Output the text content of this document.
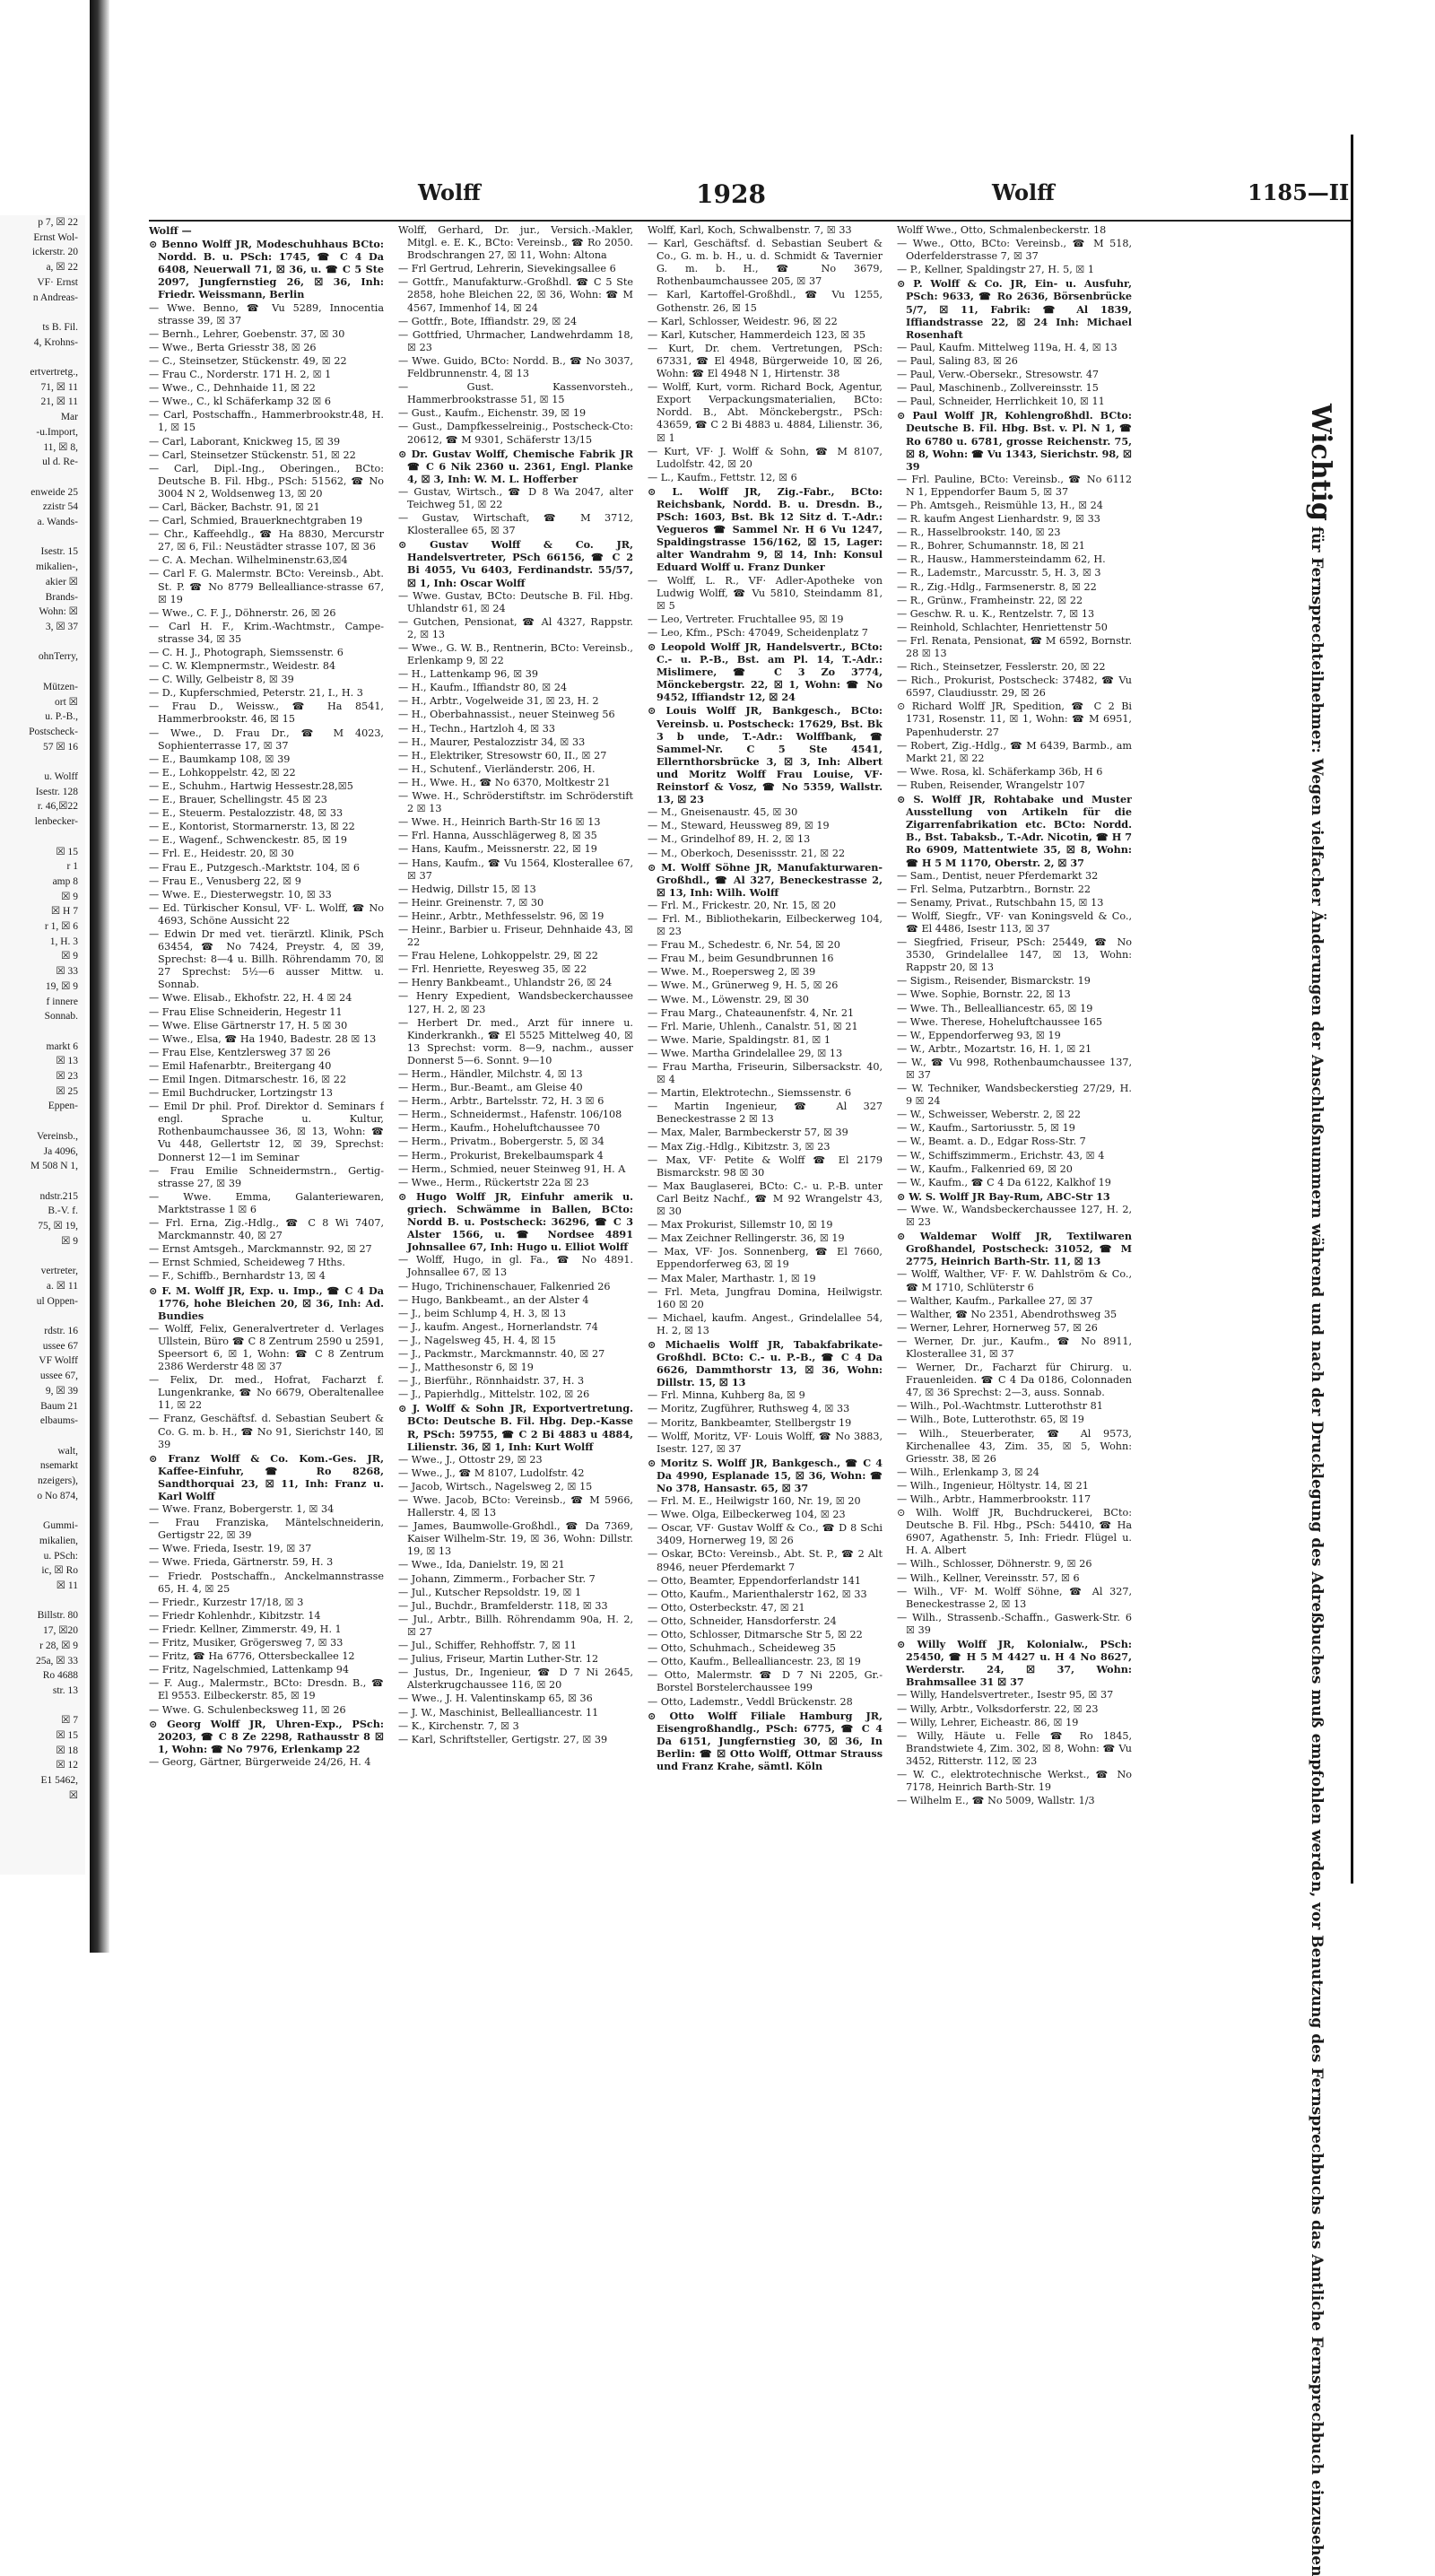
p 7, ☒ 22
Ernst Wol-
ickerstr. 20
a, ☒ 22
VF· Ernst
n Andreas-

ts B. Fil.
4, Krohns-

ertvertretg.,
71, ☒ 11
21, ☒ 11
Mar
-u.Import,
11, ☒ 8,
ul d. Re-

enweide 25
zzistr 54
a. Wands-

Isestr. 15
mikalien-,
akier ☒
Brands-
Wohn: ☒
3, ☒ 37

ohnTerry,

Mützen-
ort ☒
u. P.-B.,
Postscheck-
57 ☒ 16

u. Wolff
Isestr. 128
r. 46,☒22
lenbecker-

☒ 15
r 1
amp 8
☒ 9
☒ H 7
r 1, ☒ 6
1, H. 3
☒ 9
☒ 33
19, ☒ 9
f innere
Sonnab.

markt 6
☒ 13
☒ 23
☒ 25
Eppen-

Vereinsb.,
Ja 4096,
M 508 N 1,

ndstr.215
B.-V. f.
75, ☒ 19,
☒ 9

vertreter,
a. ☒ 11
ul Oppen-

rdstr. 16
ussee 67
VF Wolff
ussee 67,
9, ☒ 39
Baum 21
elbaums-

walt,
nsemarkt
nzeigers),
o No 874,

Gummi-
mikalien,
u. PSch:
ic, ☒ Ro
☒ 11

Billstr. 80
17, ☒20
r 28, ☒ 9
25a, ☒ 33
Ro 4688
str. 13

☒ 7
☒ 15
☒ 18
☒ 12
E1 5462,
☒
Wolff	1928	Wolff	1185—II
Wolff —
⊙ Benno Wolff JR, Modeschuhhaus BCto: Nordd. B. u. PSch: 1745, ☎ C 4 Da 6408, Neuerwall 71, ☒ 36, u. ☎ C 5 Ste 2097, Jungfernstieg 26, ☒ 36, Inh: Friedr. Weissmann, Berlin
— Wwe. Benno, ☎ Vu 5289, Innocentia strasse 39, ☒ 37
— Bernh., Lehrer, Goebenstr. 37, ☒ 30
— Wwe., Berta Griesstr 38, ☒ 26
— C., Steinsetzer, Stückenstr. 49, ☒ 22
— Frau C., Norderstr. 171 H. 2, ☒ 1
— Wwe., C., Dehnhaide 11, ☒ 22
— Wwe., C., kl Schäferkamp 32 ☒ 6
— Carl, Postschaffn., Hammerbrookstr.48, H. 1, ☒ 15
— Carl, Laborant, Knickweg 15, ☒ 39
— Carl, Steinsetzer Stückenstr. 51, ☒ 22
— Carl, Dipl.-Ing., Oberingen., BCto: Deutsche B. Fil. Hbg., PSch: 51562, ☎ No 3004 N 2, Woldsenweg 13, ☒ 20
— Carl, Bäcker, Bachstr. 91, ☒ 21
— Carl, Schmied, Brauerknechtgraben 19
— Chr., Kaffeehdlg., ☎ Ha 8830, Mercurstr 27, ☒ 6, Fil.: Neustädter strasse 107, ☒ 36
— C. A. Mechan. Wilhelminenstr.63,☒4
— Carl F. G. Malermstr. BCto: Vereinsb., Abt. St. P. ☎ No 8779 Bellealliance-strasse 67, ☒ 19
— Wwe., C. F. J., Döhnerstr. 26, ☒ 26
— Carl H. F., Krim.-Wachtmstr., Campe-strasse 34, ☒ 35
— C. H. J., Photograph, Siemssenstr. 6
— C. W. Klempnermstr., Weidestr. 84
— C. Willy, Gelbeistr 8, ☒ 39
— D., Kupferschmied, Peterstr. 21, I., H. 3
— Frau D., Weissw., ☎ Ha 8541, Hammerbrookstr. 46, ☒ 15
— Wwe., D. Frau Dr., ☎ M 4023, Sophienterrasse 17, ☒ 37
— E., Baumkamp 108, ☒ 39
— E., Lohkoppelstr. 42, ☒ 22
— E., Schuhm., Hartwig Hessestr.28,☒5
— E., Brauer, Schellingstr. 45 ☒ 23
— E., Steuerm. Pestalozzistr. 48, ☒ 33
— E., Kontorist, Stormarnerstr. 13, ☒ 22
— E., Wagenf., Schwenckestr. 85, ☒ 19
— Frl. E., Heidestr. 20, ☒ 30
— Frau E., Putzgesch.-Marktstr. 104, ☒ 6
— Frau E., Venusberg 22, ☒ 9
— Wwe. E., Diesterwegstr. 10, ☒ 33
— Ed. Türkischer Konsul, VF· L. Wolff, ☎ No 4693, Schöne Aussicht 22
— Edwin Dr med vet. tierärztl. Klinik, PSch 63454, ☎ No 7424, Preystr. 4, ☒ 39, Sprechst: 8—4 u. Billh. Röhrendamm 70, ☒ 27 Sprechst: 5½—6 ausser Mittw. u. Sonnab.
— Wwe. Elisab., Ekhofstr. 22, H. 4 ☒ 24
— Frau Elise Schneiderin, Hegestr 11
— Wwe. Elise Gärtnerstr 17, H. 5 ☒ 30
— Wwe., Elsa, ☎ Ha 1940, Badestr. 28 ☒ 13
— Frau Else, Kentzlersweg 37 ☒ 26
— Emil Hafenarbtr., Breitergang 40
— Emil Ingen. Ditmarschestr. 16, ☒ 22
— Emil Buchdrucker, Lortzingstr 13
— Emil Dr phil. Prof. Direktor d. Seminars f engl. Sprache u. Kultur, Rothenbaumchaussee 36, ☒ 13, Wohn: ☎ Vu 448, Gellertstr 12, ☒ 39, Sprechst: Donnerst 12—1 im Seminar
— Frau Emilie Schneidermstrn., Gertig-strasse 27, ☒ 39
— Wwe. Emma, Galanteriewaren, Marktstrasse 1 ☒ 6
— Frl. Erna, Zig.-Hdlg., ☎ C 8 Wi 7407, Marckmannstr. 40, ☒ 27
— Ernst Amtsgeh., Marckmannstr. 92, ☒ 27
— Ernst Schmied, Scheideweg 7 Hths.
— F., Schiffb., Bernhardstr 13, ☒ 4
⊙ F. M. Wolff JR, Exp. u. Imp., ☎ C 4 Da 1776, hohe Bleichen 20, ☒ 36, Inh: Ad. Bundies
— Wolff, Felix, Generalvertreter d. Verlages Ullstein, Büro ☎ C 8 Zentrum 2590 u 2591, Speersort 6, ☒ 1, Wohn: ☎ C 8 Zentrum 2386 Werderstr 48 ☒ 37
— Felix, Dr. med., Hofrat, Facharzt f. Lungenkranke, ☎ No 6679, Oberaltenallee 11, ☒ 22
— Franz, Geschäftsf. d. Sebastian Seubert & Co. G. m. b. H., ☎ No 91, Sierichstr 140, ☒ 39
⊙ Franz Wolff & Co. Kom.-Ges. JR, Kaffee-Einfuhr, ☎ Ro 8268, Sandthorquai 23, ☒ 11, Inh: Franz u. Karl Wolff
— Wwe. Franz, Bobergerstr. 1, ☒ 34
— Frau Franziska, Mäntelschneiderin, Gertigstr 22, ☒ 39
— Wwe. Frieda, Isestr. 19, ☒ 37
— Wwe. Frieda, Gärtnerstr. 59, H. 3
— Friedr. Postschaffn., Anckelmannstrasse 65, H. 4, ☒ 25
— Friedr., Kurzestr 17/18, ☒ 3
— Friedr Kohlenhdr., Kibitzstr. 14
— Friedr. Kellner, Zimmerstr. 49, H. 1
— Fritz, Musiker, Grögersweg 7, ☒ 33
— Fritz, ☎ Ha 6776, Ottersbeckallee 12
— Fritz, Nagelschmied, Lattenkamp 94
— F. Aug., Malermstr., BCto: Dresdn. B., ☎ El 9553. Eilbeckerstr. 85, ☒ 19
— Wwe. G. Schulenbecksweg 11, ☒ 26
⊙ Georg Wolff JR, Uhren-Exp., PSch: 20203, ☎ C 8 Ze 2298, Rathausstr 8 ☒ 1, Wohn: ☎ No 7976, Erlenkamp 22
— Georg, Gärtner, Bürgerweide 24/26, H. 4
Wolff, Gerhard, Dr. jur., Versich.-Makler, Mitgl. e. E. K., BCto: Vereinsb., ☎ Ro 2050. Brodschrangen 27, ☒ 11, Wohn: Altona
— Frl Gertrud, Lehrerin, Sievekingsallee 6
— Gottfr., Manufakturw.-Großhdl. ☎ C 5 Ste 2858, hohe Bleichen 22, ☒ 36, Wohn: ☎ M 4567, Immenhof 14, ☒ 24
— Gottfr., Bote, Iffiandstr. 29, ☒ 24
— Gottfried, Uhrmacher, Landwehrdamm 18, ☒ 23
— Wwe. Guido, BCto: Nordd. B., ☎ No 3037, Feldbrunnenstr. 4, ☒ 13
— Gust. Kassenvorsteh., Hammerbrookstrasse 51, ☒ 15
— Gust., Kaufm., Eichenstr. 39, ☒ 19
— Gust., Dampfkesselreinig., Postscheck-Cto: 20612, ☎ M 9301, Schäferstr 13/15
⊙ Dr. Gustav Wolff, Chemische Fabrik JR ☎ C 6 Nik 2360 u. 2361, Engl. Planke 4, ☒ 3, Inh: W. M. L. Hofferber
— Gustav, Wirtsch., ☎ D 8 Wa 2047, alter Teichweg 51, ☒ 22
— Gustav, Wirtschaft, ☎ M 3712, Klosterallee 65, ☒ 37
⊙ Gustav Wolff & Co. JR, Handelsvertreter, PSch 66156, ☎ C 2 Bi 4055, Vu 6403, Ferdinandstr. 55/57, ☒ 1, Inh: Oscar Wolff
— Wwe. Gustav, BCto: Deutsche B. Fil. Hbg. Uhlandstr 61, ☒ 24
— Gutchen, Pensionat, ☎ Al 4327, Rappstr. 2, ☒ 13
— Wwe., G. W. B., Rentnerin, BCto: Vereinsb., Erlenkamp 9, ☒ 22
— H., Lattenkamp 96, ☒ 39
— H., Kaufm., Iffiandstr 80, ☒ 24
— H., Arbtr., Vogelweide 31, ☒ 23, H. 2
— H., Oberbahnassist., neuer Steinweg 56
— H., Techn., Hartzloh 4, ☒ 33
— H., Maurer, Pestalozzistr 34, ☒ 33
— H., Elektriker, Stresowstr 60, II., ☒ 27
— H., Schutenf., Vierländerstr. 206, H.
— H., Wwe. H., ☎ No 6370, Moltkestr 21
— Wwe. H., Schröderstiftstr. im Schröderstift 2 ☒ 13
— Wwe. H., Heinrich Barth-Str 16 ☒ 13
— Frl. Hanna, Ausschlägerweg 8, ☒ 35
— Hans, Kaufm., Meissnerstr. 22, ☒ 19
— Hans, Kaufm., ☎ Vu 1564, Klosterallee 67, ☒ 37
— Hedwig, Dillstr 15, ☒ 13
— Heinr. Greinenstr. 7, ☒ 30
— Heinr., Arbtr., Methfesselstr. 96, ☒ 19
— Heinr., Barbier u. Friseur, Dehnhaide 43, ☒ 22
— Frau Helene, Lohkoppelstr. 29, ☒ 22
— Frl. Henriette, Reyesweg 35, ☒ 22
— Henry Bankbeamt., Uhlandstr 26, ☒ 24
— Henry Expedient, Wandsbeckerchaussee 127, H. 2, ☒ 23
— Herbert Dr. med., Arzt für innere u. Kinderkrankh., ☎ El 5525 Mittelweg 40, ☒ 13 Sprechst: vorm. 8—9, nachm., ausser Donnerst 5—6. Sonnt. 9—10
— Herm., Händler, Milchstr. 4, ☒ 13
— Herm., Bur.-Beamt., am Gleise 40
— Herm., Arbtr., Bartelsstr. 72, H. 3 ☒ 6
— Herm., Schneidermst., Hafenstr. 106/108
— Herm., Kaufm., Hoheluftchaussee 70
— Herm., Privatm., Bobergerstr. 5, ☒ 34
— Herm., Prokurist, Brekelbaumspark 4
— Herm., Schmied, neuer Steinweg 91, H. A
— Wwe., Herm., Rückertstr 22a ☒ 23
⊙ Hugo Wolff JR, Einfuhr amerik u. griech. Schwämme in Ballen, BCto: Nordd B. u. Postscheck: 36296, ☎ C 3 Alster 1566, u. ☎ Nordsee 4891 Johnsallee 67, Inh: Hugo u. Elliot Wolff
— Wolff, Hugo, in gl. Fa., ☎ No 4891. Johnsallee 67, ☒ 13
— Hugo, Trichinenschauer, Falkenried 26
— Hugo, Bankbeamt., an der Alster 4
— J., beim Schlump 4, H. 3, ☒ 13
— J., kaufm. Angest., Hornerlandstr. 74
— J., Nagelsweg 45, H. 4, ☒ 15
— J., Packmstr., Marckmannstr. 40, ☒ 27
— J., Matthesonstr 6, ☒ 19
— J., Bierführ., Rönnhaidstr. 37, H. 3
— J., Papierhdlg., Mittelstr. 102, ☒ 26
⊙ J. Wolff & Sohn JR, Exportvertretung. BCto: Deutsche B. Fil. Hbg. Dep.-Kasse R, PSch: 59755, ☎ C 2 Bi 4883 u 4884, Lilienstr. 36, ☒ 1, Inh: Kurt Wolff
— Wwe., J., Ottostr 29, ☒ 23
— Wwe., J., ☎ M 8107, Ludolfstr. 42
— Jacob, Wirtsch., Nagelsweg 2, ☒ 15
— Wwe. Jacob, BCto: Vereinsb., ☎ M 5966, Hallerstr. 4, ☒ 13
— James, Baumwolle-Großhdl., ☎ Da 7369, Kaiser Wilhelm-Str. 19, ☒ 36, Wohn: Dillstr. 19, ☒ 13
— Wwe., Ida, Danielstr. 19, ☒ 21
— Johann, Zimmerm., Forbacher Str. 7
— Jul., Kutscher Repsoldstr. 19, ☒ 1
— Jul., Buchdr., Bramfelderstr. 118, ☒ 33
— Jul., Arbtr., Billh. Röhrendamm 90a, H. 2, ☒ 27
— Jul., Schiffer, Rehhoffstr. 7, ☒ 11
— Julius, Friseur, Martin Luther-Str. 12
— Justus, Dr., Ingenieur, ☎ D 7 Ni 2645, Alsterkrugchaussee 116, ☒ 20
— Wwe., J. H. Valentinskamp 65, ☒ 36
— J. W., Maschinist, Bellealliancestr. 11
— K., Kirchenstr. 7, ☒ 3
— Karl, Schriftsteller, Gertigstr. 27, ☒ 39
Wolff, Karl, Koch, Schwalbenstr. 7, ☒ 33
— Karl, Geschäftsf. d. Sebastian Seubert & Co., G. m. b. H., u. d. Schmidt & Tavernier G. m. b. H., ☎ No 3679, Rothenbaumchaussee 205, ☒ 37
— Karl, Kartoffel-Großhdl., ☎ Vu 1255, Gothenstr. 26, ☒ 15
— Karl, Schlosser, Weidestr. 96, ☒ 22
— Karl, Kutscher, Hammerdeich 123, ☒ 35
— Kurt, Dr. chem. Vertretungen, PSch: 67331, ☎ El 4948, Bürgerweide 10, ☒ 26, Wohn: ☎ El 4948 N 1, Hirtenstr. 38
— Wolff, Kurt, vorm. Richard Bock, Agentur, Export Verpackungsmaterialien, BCto: Nordd. B., Abt. Mönckebergstr., PSch: 43659, ☎ C 2 Bi 4883 u. 4884, Lilienstr. 36, ☒ 1
— Kurt, VF· J. Wolff & Sohn, ☎ M 8107, Ludolfstr. 42, ☒ 20
— L., Kaufm., Fettstr. 12, ☒ 6
⊙ L. Wolff JR, Zig.-Fabr., BCto: Reichsbank, Nordd. B. u. Dresdn. B., PSch: 1603, Bst. Bk 12 Sitz d. T.-Adr.: Vegueros ☎ Sammel Nr. H 6 Vu 1247, Spaldingstrasse 156/162, ☒ 15, Lager: alter Wandrahm 9, ☒ 14, Inh: Konsul Eduard Wolff u. Franz Dunker
— Wolff, L. R., VF· Adler-Apotheke von Ludwig Wolff, ☎ Vu 5810, Steindamm 81, ☒ 5
— Leo, Vertreter. Fruchtallee 95, ☒ 19
— Leo, Kfm., PSch: 47049, Scheidenplatz 7
⊙ Leopold Wolff JR, Handelsvertr., BCto: C.- u. P.-B., Bst. am Pl. 14, T.-Adr.: Mislimere, ☎ C 3 Zo 3774, Mönckebergstr. 22, ☒ 1, Wohn: ☎ No 9452, Iffiandstr 12, ☒ 24
⊙ Louis Wolff JR, Bankgesch., BCto: Vereinsb. u. Postscheck: 17629, Bst. Bk 3 b unde, T.-Adr.: Wolffbank, ☎ Sammel-Nr. C 5 Ste 4541, Ellernthorsbrücke 3, ☒ 3, Inh: Albert und Moritz Wolff Frau Louise, VF· Reinstorf & Vosz, ☎ No 5359, Wallstr. 13, ☒ 23
— M., Gneisenaustr. 45, ☒ 30
— M., Steward, Heussweg 89, ☒ 19
— M., Grindelhof 89, H. 2, ☒ 13
— M., Oberkoch, Desenissstr. 21, ☒ 22
⊙ M. Wolff Söhne JR, Manufakturwaren-Großhdl., ☎ Al 327, Beneckestrasse 2, ☒ 13, Inh: Wilh. Wolff
— Frl. M., Frickestr. 20, Nr. 15, ☒ 20
— Frl. M., Bibliothekarin, Eilbeckerweg 104, ☒ 23
— Frau M., Schedestr. 6, Nr. 54, ☒ 20
— Frau M., beim Gesundbrunnen 16
— Wwe. M., Roepersweg 2, ☒ 39
— Wwe. M., Grünerweg 9, H. 5, ☒ 26
— Wwe. M., Löwenstr. 29, ☒ 30
— Frau Marg., Chateaunenfstr. 4, Nr. 21
— Frl. Marie, Uhlenh., Canalstr. 51, ☒ 21
— Wwe. Marie, Spaldingstr. 81, ☒ 1
— Wwe. Martha Grindelallee 29, ☒ 13
— Frau Martha, Friseurin, Silbersackstr. 40, ☒ 4
— Martin, Elektrotechn., Siemssenstr. 6
— Martin Ingenieur, ☎ Al 327 Beneckestrasse 2 ☒ 13
— Max, Maler, Barmbeckerstr 57, ☒ 39
— Max Zig.-Hdlg., Kibitzstr. 3, ☒ 23
— Max, VF· Petite & Wolff ☎ El 2179 Bismarckstr. 98 ☒ 30
— Max Bauglaserei, BCto: C.- u. P.-B. unter Carl Beitz Nachf., ☎ M 92 Wrangelstr 43, ☒ 30
— Max Prokurist, Sillemstr 10, ☒ 19
— Max Zeichner Rellingerstr. 36, ☒ 19
— Max, VF· Jos. Sonnenberg, ☎ El 7660, Eppendorferweg 63, ☒ 19
— Max Maler, Marthastr. 1, ☒ 19
— Frl. Meta, Jungfrau Domina, Heilwigstr. 160 ☒ 20
— Michael, kaufm. Angest., Grindelallee 54, H. 2, ☒ 13
⊙ Michaelis Wolff JR, Tabakfabrikate-Großhdl. BCto: C.- u. P.-B., ☎ C 4 Da 6626, Dammthorstr 13, ☒ 36, Wohn: Dillstr. 15, ☒ 13
— Frl. Minna, Kuhberg 8a, ☒ 9
— Moritz, Zugführer, Ruthsweg 4, ☒ 33
— Moritz, Bankbeamter, Stellbergstr 19
— Wolff, Moritz, VF· Louis Wolff, ☎ No 3883, Isestr. 127, ☒ 37
⊙ Moritz S. Wolff JR, Bankgesch., ☎ C 4 Da 4990, Esplanade 15, ☒ 36, Wohn: ☎ No 378, Hansastr. 65, ☒ 37
— Frl. M. E., Heilwigstr 160, Nr. 19, ☒ 20
— Wwe. Olga, Eilbeckerweg 104, ☒ 23
— Oscar, VF· Gustav Wolff & Co., ☎ D 8 Schi 3409, Hornerweg 19, ☒ 26
— Oskar, BCto: Vereinsb., Abt. St. P., ☎ 2 Alt 8946, neuer Pferdemarkt 7
— Otto, Beamter, Eppendorferlandstr 141
— Otto, Kaufm., Marienthalerstr 162, ☒ 33
— Otto, Osterbeckstr. 47, ☒ 21
— Otto, Schneider, Hansdorferstr. 24
— Otto, Schlosser, Ditmarsche Str 5, ☒ 22
— Otto, Schuhmach., Scheideweg 35
— Otto, Kaufm., Bellealliancestr. 23, ☒ 19
— Otto, Malermstr. ☎ D 7 Ni 2205, Gr.-Borstel Borstelerchaussee 199
— Otto, Lademstr., Veddl Brückenstr. 28
⊙ Otto Wolff Filiale Hamburg JR, Eisengroßhandlg., PSch: 6775, ☎ C 4 Da 6151, Jungfernstieg 30, ☒ 36, In Berlin: ☎ ☒ Otto Wolff, Ottmar Strauss und Franz Krahe, sämtl. Köln
Wolff Wwe., Otto, Schmalenbeckerstr. 18
— Wwe., Otto, BCto: Vereinsb., ☎ M 518, Oderfelderstrasse 7, ☒ 37
— P., Kellner, Spaldingstr 27, H. 5, ☒ 1
⊙ P. Wolff & Co. JR, Ein- u. Ausfuhr, PSch: 9633, ☎ Ro 2636, Börsenbrücke 5/7, ☒ 11, Fabrik: ☎ Al 1839, Iffiandstrasse 22, ☒ 24 Inh: Michael Rosenhaft
— Paul, Kaufm. Mittelweg 119a, H. 4, ☒ 13
— Paul, Saling 83, ☒ 26
— Paul, Verw.-Obersekr., Stresowstr. 47
— Paul, Maschinenb., Zollvereinsstr. 15
— Paul, Schneider, Herrlichkeit 10, ☒ 11
⊙ Paul Wolff JR, Kohlengroßhdl. BCto: Deutsche B. Fil. Hbg. Bst. v. Pl. N 1, ☎ Ro 6780 u. 6781, grosse Reichenstr. 75, ☒ 8, Wohn: ☎ Vu 1343, Sierichstr. 98, ☒ 39
— Frl. Pauline, BCto: Vereinsb., ☎ No 6112 N 1, Eppendorfer Baum 5, ☒ 37
— Ph. Amtsgeh., Reismühle 13, H., ☒ 24
— R. kaufm Angest Lienhardstr. 9, ☒ 33
— R., Hasselbrookstr. 140, ☒ 23
— R., Bohrer, Schumannstr. 18, ☒ 21
— R., Hausw., Hammersteindamm 62, H.
— R., Lademstr., Marcusstr. 5, H. 3, ☒ 3
— R., Zig.-Hdlg., Farmsenerstr. 8, ☒ 22
— R., Grünw., Framheinstr. 22, ☒ 22
— Geschw. R. u. K., Rentzelstr. 7, ☒ 13
— Reinhold, Schlachter, Henriettenstr 50
— Frl. Renata, Pensionat, ☎ M 6592, Bornstr. 28 ☒ 13
— Rich., Steinsetzer, Fesslerstr. 20, ☒ 22
— Rich., Prokurist, Postscheck: 37482, ☎ Vu 6597, Claudiusstr. 29, ☒ 26
⊙ Richard Wolff JR, Spedition, ☎ C 2 Bi 1731, Rosenstr. 11, ☒ 1, Wohn: ☎ M 6951, Papenhuderstr. 27
— Robert, Zig.-Hdlg., ☎ M 6439, Barmb., am Markt 21, ☒ 22
— Wwe. Rosa, kl. Schäferkamp 36b, H 6
— Ruben, Reisender, Wrangelstr 107
⊙ S. Wolff JR, Rohtabake und Muster Ausstellung von Artikeln für die Zigarrenfabrikation etc. BCto: Nordd. B., Bst. Tabaksb., T.-Adr. Nicotin, ☎ H 7 Ro 6909, Mattentwiete 35, ☒ 8, Wohn: ☎ H 5 M 1170, Oberstr. 2, ☒ 37
— Sam., Dentist, neuer Pferdemarkt 32
— Frl. Selma, Putzarbtrn., Bornstr. 22
— Senamy, Privat., Rutschbahn 15, ☒ 13
— Wolff, Siegfr., VF· van Koningsveld & Co., ☎ El 4486, Isestr 113, ☒ 37
— Siegfried, Friseur, PSch: 25449, ☎ No 3530, Grindelallee 147, ☒ 13, Wohn: Rappstr 20, ☒ 13
— Sigism., Reisender, Bismarckstr. 19
— Wwe. Sophie, Bornstr. 22, ☒ 13
— Wwe. Th., Bellealliancestr. 65, ☒ 19
— Wwe. Therese, Hoheluftchaussee 165
— W., Eppendorferweg 93, ☒ 19
— W., Arbtr., Mozartstr. 16, H. 1, ☒ 21
— W., ☎ Vu 998, Rothenbaumchaussee 137, ☒ 37
— W. Techniker, Wandsbeckerstieg 27/29, H. 9 ☒ 24
— W., Schweisser, Weberstr. 2, ☒ 22
— W., Kaufm., Sartoriusstr. 5, ☒ 19
— W., Beamt. a. D., Edgar Ross-Str. 7
— W., Schiffszimmerm., Erichstr. 43, ☒ 4
— W., Kaufm., Falkenried 69, ☒ 20
— W., Kaufm., ☎ C 4 Da 6122, Kalkhof 19
⊙ W. S. Wolff JR Bay-Rum, ABC-Str 13
— Wwe. W., Wandsbeckerchaussee 127, H. 2, ☒ 23
⊙ Waldemar Wolff JR, Textilwaren Großhandel, Postscheck: 31052, ☎ M 2775, Heinrich Barth-Str. 11, ☒ 13
— Wolff, Walther, VF· F. W. Dahlström & Co., ☎ M 1710, Schlüterstr 6
— Walther, Kaufm., Parkallee 27, ☒ 37
— Walther, ☎ No 2351, Abendrothsweg 35
— Werner, Lehrer, Hornerweg 57, ☒ 26
— Werner, Dr. jur., Kaufm., ☎ No 8911, Klosterallee 31, ☒ 37
— Werner, Dr., Facharzt für Chirurg. u. Frauenleiden. ☎ C 4 Da 0186, Colonnaden 47, ☒ 36 Sprechst: 2—3, auss. Sonnab.
— Wilh., Pol.-Wachtmstr. Lutterothstr 81
— Wilh., Bote, Lutterothstr. 65, ☒ 19
— Wilh., Steuerberater, ☎ Al 9573, Kirchenallee 43, Zim. 35, ☒ 5, Wohn: Griesstr. 38, ☒ 26
— Wilh., Erlenkamp 3, ☒ 24
— Wilh., Ingenieur, Höltystr. 14, ☒ 21
— Wilh., Arbtr., Hammerbrookstr. 117
⊙ Wilh. Wolff JR, Buchdruckerei, BCto: Deutsche B. Fil. Hbg., PSch: 54410, ☎ Ha 6907, Agathenstr. 5, Inh: Friedr. Flügel u. H. A. Albert
— Wilh., Schlosser, Döhnerstr. 9, ☒ 26
— Wilh., Kellner, Vereinsstr. 57, ☒ 6
— Wilh., VF· M. Wolff Söhne, ☎ Al 327, Beneckestrasse 2, ☒ 13
— Wilh., Strassenb.-Schaffn., Gaswerk-Str. 6 ☒ 39
⊙ Willy Wolff JR, Kolonialw., PSch: 25450, ☎ H 5 M 4427 u. H 4 No 8627, Werderstr. 24, ☒ 37, Wohn: Brahmsallee 31 ☒ 37
— Willy, Handelsvertreter., Isestr 95, ☒ 37
— Willy, Arbtr., Volksdorferstr. 22, ☒ 23
— Willy, Lehrer, Eicheastr. 86, ☒ 19
— Willy, Häute u. Felle ☎ Ro 1845, Brandstwiete 4, Zim. 302, ☒ 8, Wohn: ☎ Vu 3452, Ritterstr. 112, ☒ 23
— W. C., elektrotechnische Werkst., ☎ No 7178, Heinrich Barth-Str. 19
— Wilhelm E., ☎ No 5009, Wallstr. 1/3
Wichtig für Fernsprechteilnehmer: Wegen vielfacher Änderungen der Anschlußnummern während und nach der Drucklegung des Adreßbuches muß empfohlen werden, vor Benutzung des Fernsprechbuchs das Amtliche Fernsprechbuch einzusehen
